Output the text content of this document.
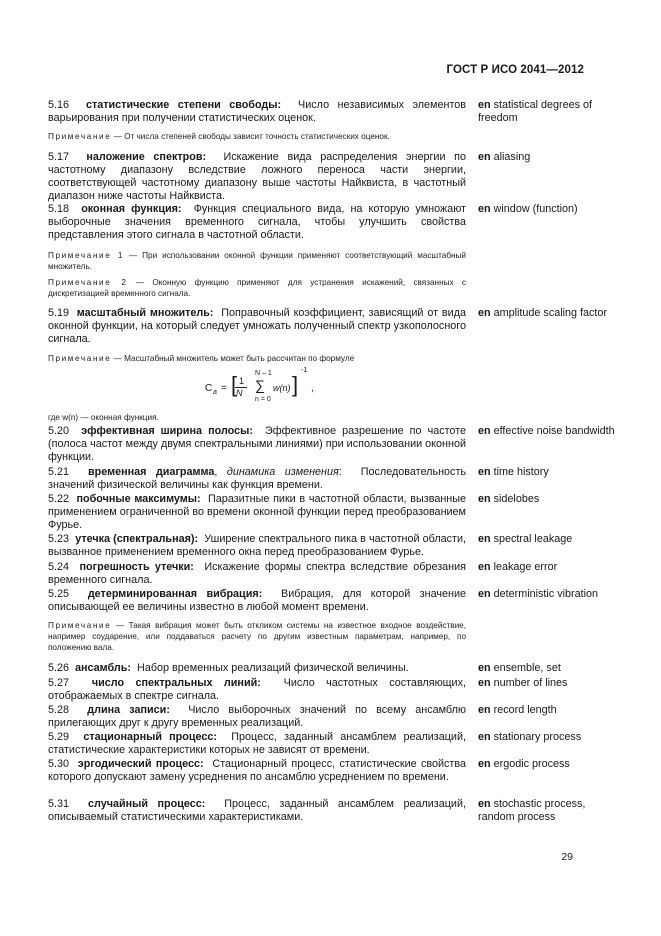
ГОСТ Р ИСО 2041—2012
5.16 статистические степени свободы: Число независимых элементов варьирования при получении статистических оценок.
en statistical degrees of freedom
Примечание — От числа степеней свободы зависит точность статистических оценок.
5.17 наложение спектров: Искажение вида распределения энергии по частотному диапазону вследствие ложного переноса части энергии, соответствующей частотному диапазону выше частоты Найквиста, в частотный диапазон ниже частоты Найквиста.
en aliasing
5.18 оконная функция: Функция специального вида, на которую умножают выборочные значения временного сигнала, чтобы улучшить свойства представления этого сигнала в частотной области.
en window (function)
Примечание 1 — При использовании оконной функции применяют соответствующий масштабный множитель.
Примечание 2 — Оконную функцию применяют для устранения искажений, связанных с дискретизацией временного сигнала.
5.19 масштабный множитель: Поправочный коэффициент, зависящий от вида оконной функции, на который следует умножать полученный спектр узкополосного сигнала.
en amplitude scaling factor
Примечание — Масштабный множитель может быть рассчитан по формуле
C a = [ 1
N
N – 1
∑
n = 0
w(n) ]
-1
,
где w(n) — оконная функция.
5.20 эффективная ширина полосы: Эффективное разрешение по частоте (полоса частот между двумя спектральными линиями) при использовании оконной функции.
en effective noise bandwidth
5.21 временная диаграмма, динамика изменения: Последовательность значений физической величины как функция времени.
en time history
5.22 побочные максимумы: Паразитные пики в частотной области, вызванные применением ограниченной во времени оконной функции перед преобразованием Фурье.
en sidelobes
5.23 утечка (спектральная): Уширение спектрального пика в частотной области, вызванное применением временного окна перед преобразованием Фурье.
en spectral leakage
5.24 погрешность утечки: Искажение формы спектра вследствие обрезания временного сигнала.
en leakage error
5.25 детерминированная вибрация: Вибрация, для которой значение описывающей ее величины известно в любой момент времени.
en deterministic vibration
Примечание — Такая вибрация может быть откликом системы на известное входное воздействие, например соударение, или поддаваться расчету по другим известным параметрам, например, по положению вала.
5.26 ансамбль: Набор временных реализаций физической величины.	en ensemble, set
5.27 число спектральных линий: Число частотных составляющих, отображаемых в спектре сигнала.
en number of lines
5.28 длина записи: Число выборочных значений по всему ансамблю прилегающих друг к другу временных реализаций.
en record length
5.29 стационарный процесс: Процесс, заданный ансамблем реализаций, статистические характеристики которых не зависят от времени.
en stationary process
5.30 эргодический процесс: Стационарный процесс, статистические свойства которого допускают замену усреднения по ансамблю усреднением по времени.
en ergodic process
5.31 случайный процесс: Процесс, заданный ансамблем реализаций, описываемый статистическими характеристиками.
en stochastic process, random process
29
